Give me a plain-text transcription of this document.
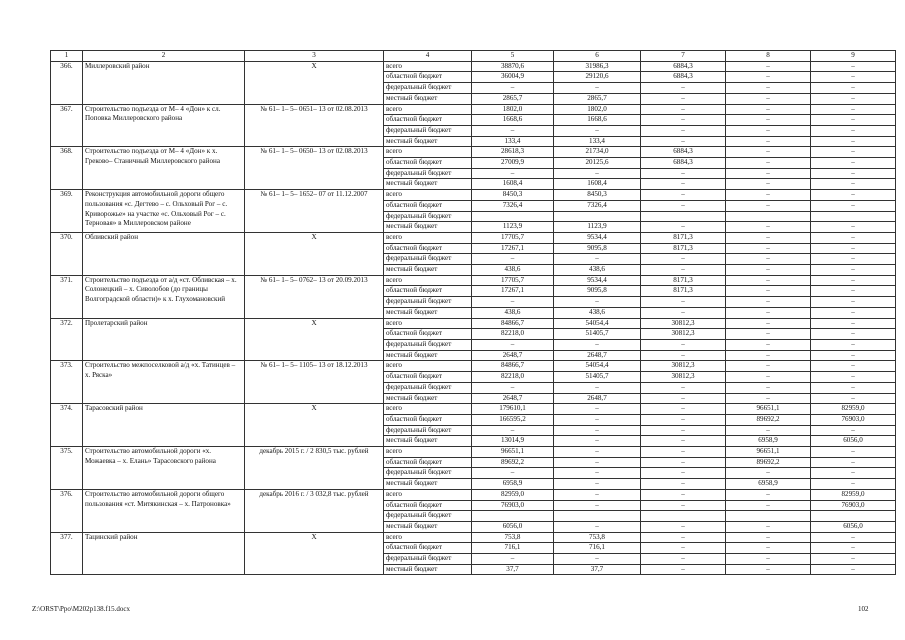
1	2	3	4	5	6	7	8	9
366.	Миллеровский район	Х	всего	38870,6	31986,3	6884,3	–	–
			областной бюджет	36004,9	29120,6	6884,3	–	–
			федеральный бюджет	–	–	–	–	–
			местный бюджет	2865,7	2865,7	–	–	–
367.	Строительство подъезда от М– 4 «Дон» к сл. Поповка Миллеровского района	№ 61– 1– 5– 0651– 13 от 02.08.2013	всего	1802,0	1802,0	–	–	–
			областной бюджет	1668,6	1668,6	–	–	–
			федеральный бюджет	–	–	–	–	–
			местный бюджет	133,4	133,4	–	–	–
368.	Строительство подъезда от М– 4 «Дон» к х. Греково– Станичный Миллеровского района	№ 61– 1– 5– 0650– 13 от 02.08.2013	всего	28618,3	21734,0	6884,3	–	–
			областной бюджет	27009,9	20125,6	6884,3	–	–
			федеральный бюджет	–	–	–	–	–
			местный бюджет	1608,4	1608,4	–	–	–
369.	Реконструкция автомобильной дороги общего пользования «с. Дегтево – с. Ольховый Рог – с. Криворожье» на участке «с. Ольховый Рог – с. Терновая» в Миллеровском районе	№ 61– 1– 5– 1652– 07 от 11.12.2007	всего	8450,3	8450,3	–	–	–
			областной бюджет	7326,4	7326,4	–	–	–
			федеральный бюджет					
			местный бюджет	1123,9	1123,9	–	–	–
370.	Обливский район	Х	всего	17705,7	9534,4	8171,3	–	–
			областной бюджет	17267,1	9095,8	8171,3	–	–
			федеральный бюджет	–	–	–	–	–
			местный бюджет	438,6	438,6	–	–	–
371.	Строительство подъезда от а/д «ст. Обливская – х. Солонецкий – х. Сиволобов (до границы Волгоградской области)» к х. Глухомановский	№ 61– 1– 5– 0762– 13 от 20.09.2013	всего	17705,7	9534,4	8171,3	–	–
			областной бюджет	17267,1	9095,8	8171,3	–	–
			федеральный бюджет	–	–	–	–	–
			местный бюджет	438,6	438,6	–	–	–
372.	Пролетарский район	Х	всего	84866,7	54054,4	30812,3	–	–
			областной бюджет	82218,0	51405,7	30812,3	–	–
			федеральный бюджет	–	–	–	–	–
			местный бюджет	2648,7	2648,7	–	–	–
373.	Строительство межпоселковой а/д «х. Татинцев – х. Ряска»	№ 61– 1– 5– 1105– 13 от 18.12.2013	всего	84866,7	54054,4	30812,3	–	–
			областной бюджет	82218,0	51405,7	30812,3	–	–
			федеральный бюджет	–	–	–	–	–
			местный бюджет	2648,7	2648,7	–	–	–
374.	Тарасовский район	Х	всего	179610,1	–	–	96651,1	82959,0
			областной бюджет	166595,2	–	–	89692,2	76903,0
			федеральный бюджет	–	–	–	–	–
			местный бюджет	13014,9	–	–	6958,9	6056,0
375.	Строительство автомобильной дороги «х. Можаевка – х. Елань» Тарасовского района	декабрь 2015 г. / 2 830,5 тыс. рублей	всего	96651,1	–	–	96651,1	–
			областной бюджет	89692,2	–	–	89692,2	–
			федеральный бюджет	–	–	–	–	–
			местный бюджет	6958,9	–	–	6958,9	–
376.	Строительство автомобильной дороги общего пользования «ст. Митякинская – х. Патроновка»	декабрь 2016 г. / 3 032,8 тыс. рублей	всего	82959,0	–	–	–	82959,0
			областной бюджет	76903,0	–	–	–	76903,0
			федеральный бюджет					
			местный бюджет	6056,0	–	–	–	6056,0
377.	Тацинский район	Х	всего	753,8	753,8	–	–	–
			областной бюджет	716,1	716,1	–	–	–
			федеральный бюджет	–	–	–	–	–
			местный бюджет	37,7	37,7	–	–	–
Z:\ORST\Ppo\M202p138.f15.docx	102
